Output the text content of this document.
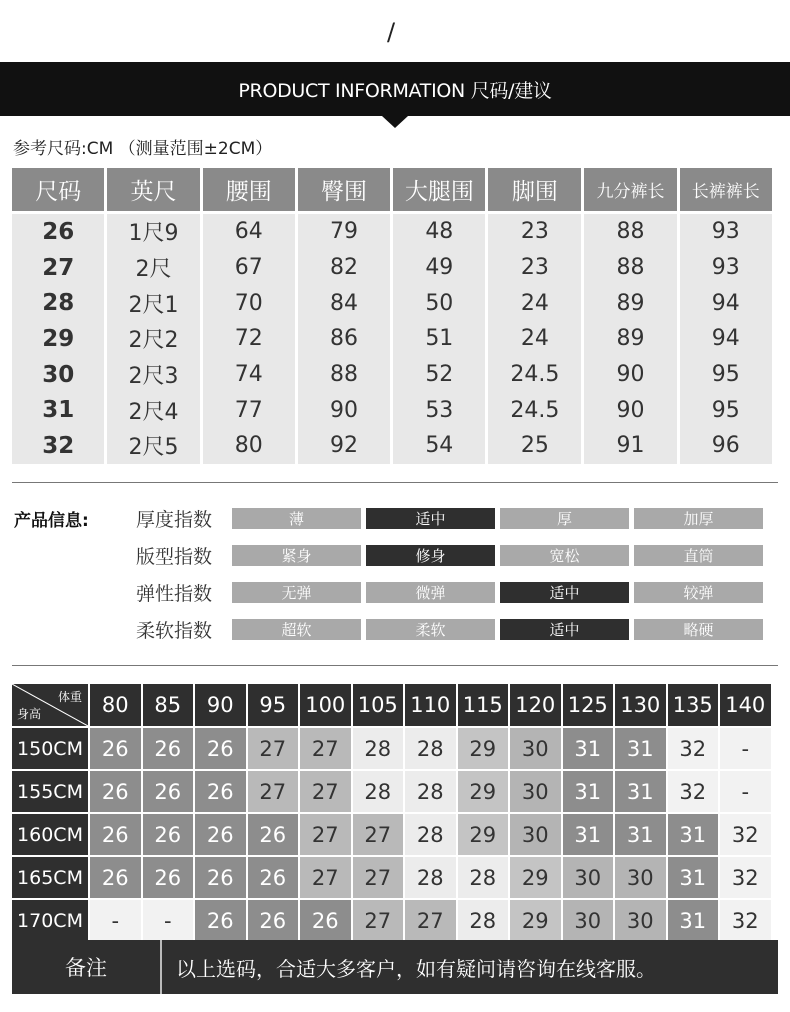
/
PRODUCT INFORMATION 尺码/建议
参考尺码:CM （测量范围±2CM）
尺码	英尺	腰围	臀围	大腿围	脚围	九分裤长	长裤裤长
26	1尺9	64	79	48	23	88	93
27	2尺	67	82	49	23	88	93
28	2尺1	70	84	50	24	89	94
29	2尺2	72	86	51	24	89	94
30	2尺3	74	88	52	24.5	90	95
31	2尺4	77	90	53	24.5	90	95
32	2尺5	80	92	54	25	91	96
产品信息: 厚度指数	薄	适中	厚	加厚
版型指数	紧身	修身	宽松	直筒
弹性指数	无弹	微弹	适中	较弹
柔软指数	超软	柔软	适中	略硬
体重
身高	80	85	90	95 100 105 110 115 120 125 130 135 140
150CM 26	26	26	27	27	28	28	29	30	31	31	32	-
155CM 26	26	26	27	27	28	28	29	30	31	31	32	-
160CM 26	26	26	26	27	27	28	29	30	31	31	31	32
165CM 26	26	26	26	27	27	28	28	29	30	30	31	32
170CM	-	-	26	26	26	27	27	28	29	30	30	31	32
备注	以上选码，合适大多客户，如有疑问请咨询在线客服。
